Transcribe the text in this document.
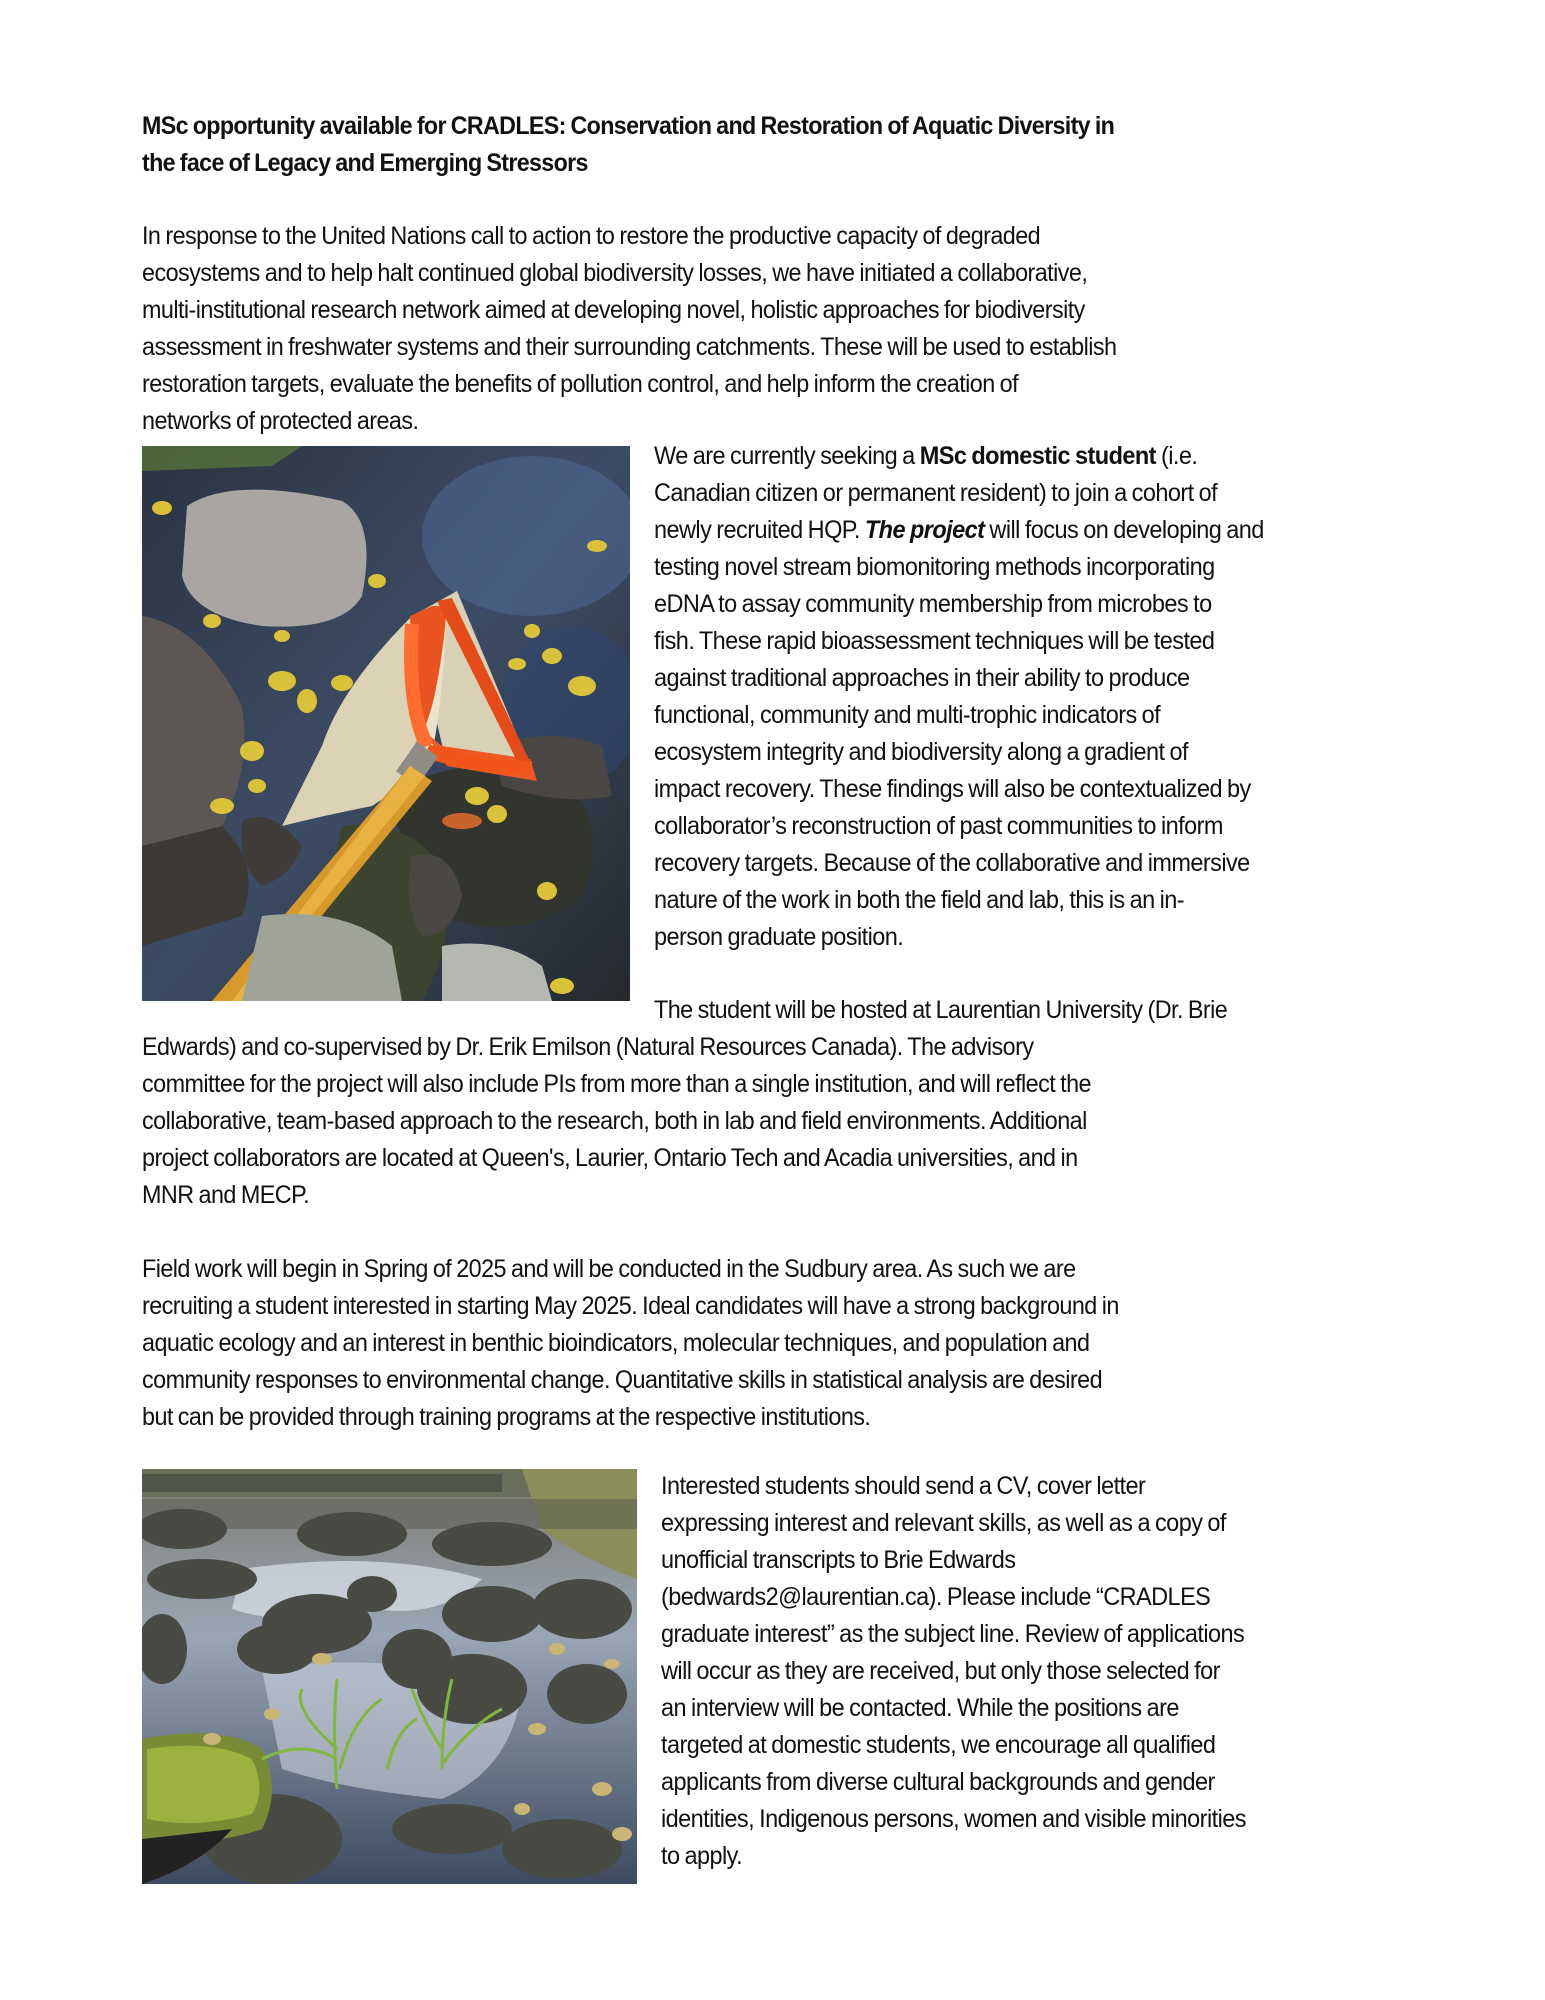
MSc opportunity available for CRADLES: Conservation and Restoration of Aquatic Diversity in
the face of Legacy and Emerging Stressors
In response to the United Nations call to action to restore the productive capacity of degraded
ecosystems and to help halt continued global biodiversity losses, we have initiated a collaborative,
multi-institutional research network aimed at developing novel, holistic approaches for biodiversity
assessment in freshwater systems and their surrounding catchments. These will be used to establish
restoration targets, evaluate the benefits of pollution control, and help inform the creation of
networks of protected areas.
We are currently seeking a MSc domestic student (i.e.
Canadian citizen or permanent resident) to join a cohort of
newly recruited HQP. The project will focus on developing and
testing novel stream biomonitoring methods incorporating
eDNA to assay community membership from microbes to
fish. These rapid bioassessment techniques will be tested
against traditional approaches in their ability to produce
functional, community and multi-trophic indicators of
ecosystem integrity and biodiversity along a gradient of
impact recovery. These findings will also be contextualized by
collaborator’s reconstruction of past communities to inform
recovery targets. Because of the collaborative and immersive
nature of the work in both the field and lab, this is an in-
person graduate position.
The student will be hosted at Laurentian University (Dr. Brie
Edwards) and co-supervised by Dr. Erik Emilson (Natural Resources Canada). The advisory
committee for the project will also include PIs from more than a single institution, and will reflect the
collaborative, team-based approach to the research, both in lab and field environments. Additional
project collaborators are located at Queen's, Laurier, Ontario Tech and Acadia universities, and in
MNR and MECP.
Field work will begin in Spring of 2025 and will be conducted in the Sudbury area. As such we are
recruiting a student interested in starting May 2025. Ideal candidates will have a strong background in
aquatic ecology and an interest in benthic bioindicators, molecular techniques, and population and
community responses to environmental change. Quantitative skills in statistical analysis are desired
but can be provided through training programs at the respective institutions.
Interested students should send a CV, cover letter
expressing interest and relevant skills, as well as a copy of
unofficial transcripts to Brie Edwards
(bedwards2@laurentian.ca). Please include “CRADLES
graduate interest” as the subject line. Review of applications
will occur as they are received, but only those selected for
an interview will be contacted. While the positions are
targeted at domestic students, we encourage all qualified
applicants from diverse cultural backgrounds and gender
identities, Indigenous persons, women and visible minorities
to apply.
